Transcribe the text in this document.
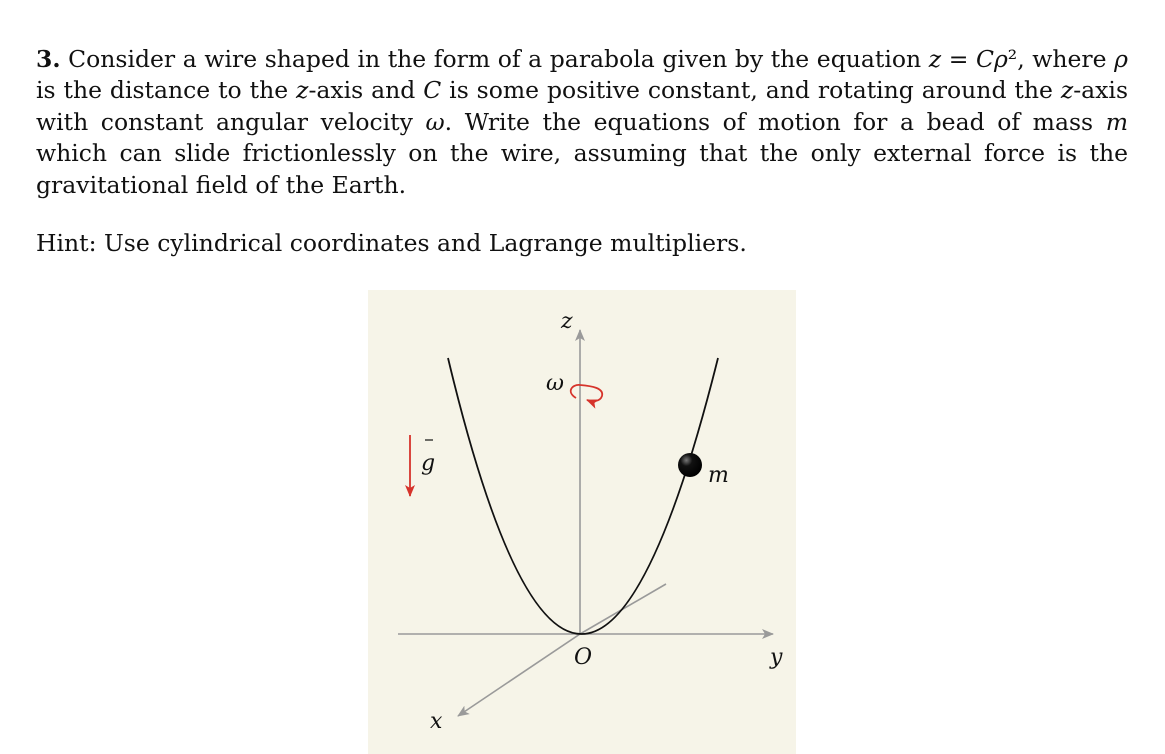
3. Consider a wire shaped in the form of a parabola given by the equation z = Cρ², where ρ is the distance to the z-axis and C is some positive constant, and rotating around the z-axis with constant angular velocity ω. Write the equations of motion for a bead of mass m which can slide frictionlessly on the wire, assuming that the only external force is the gravitational field of the Earth.

Hint: Use cylindrical coordinates and Lagrange multipliers.

z
ω
g	m
O	y
x
